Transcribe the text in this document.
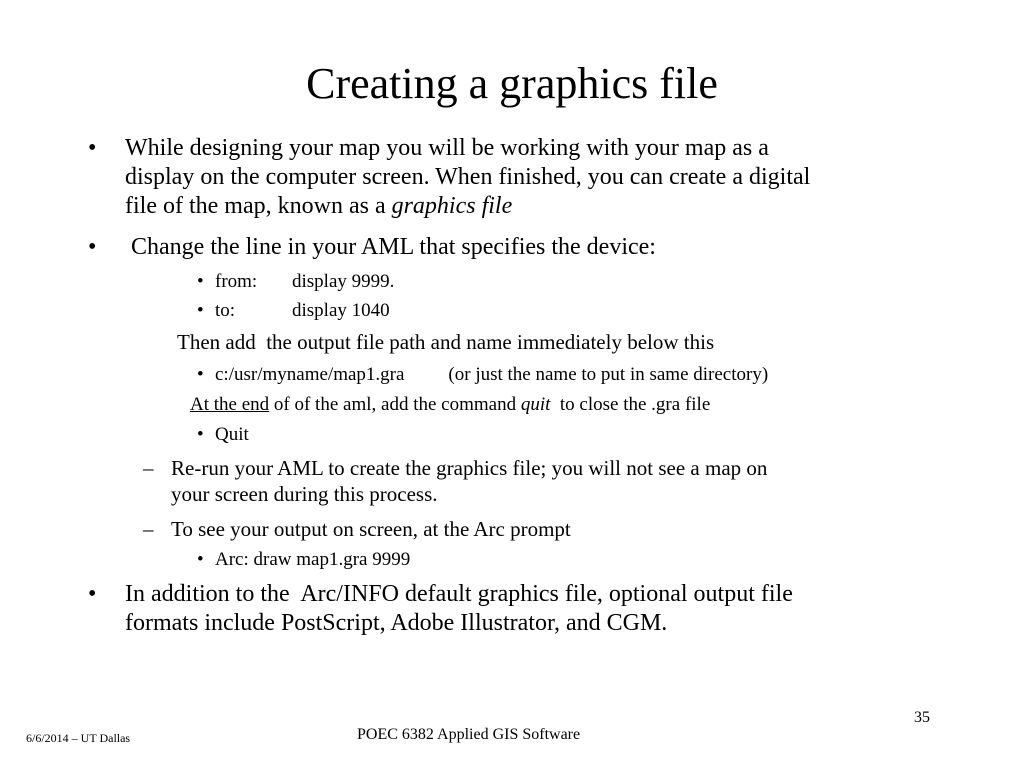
Creating a graphics file
• While designing your map you will be working with your map as a
display on the computer screen. When finished, you can create a digital
file of the map, known as a graphics file
• Change the line in your AML that specifies the device:
• from: display 9999.
• to:	display 1040
Then add  the output file path and name immediately below this
• c:/usr/myname/map1.gra (or just the name to put in same directory)
At the end of of the aml, add the command quit  to close the .gra file
• Quit
– Re-run your AML to create the graphics file; you will not see a map on
your screen during this process.
– To see your output on screen, at the Arc prompt
• Arc: draw map1.gra 9999
• In addition to the  Arc/INFO default graphics file, optional output file
formats include PostScript, Adobe Illustrator, and CGM.
6/6/2014 – UT Dallas	POEC 6382 Applied GIS Software
35
